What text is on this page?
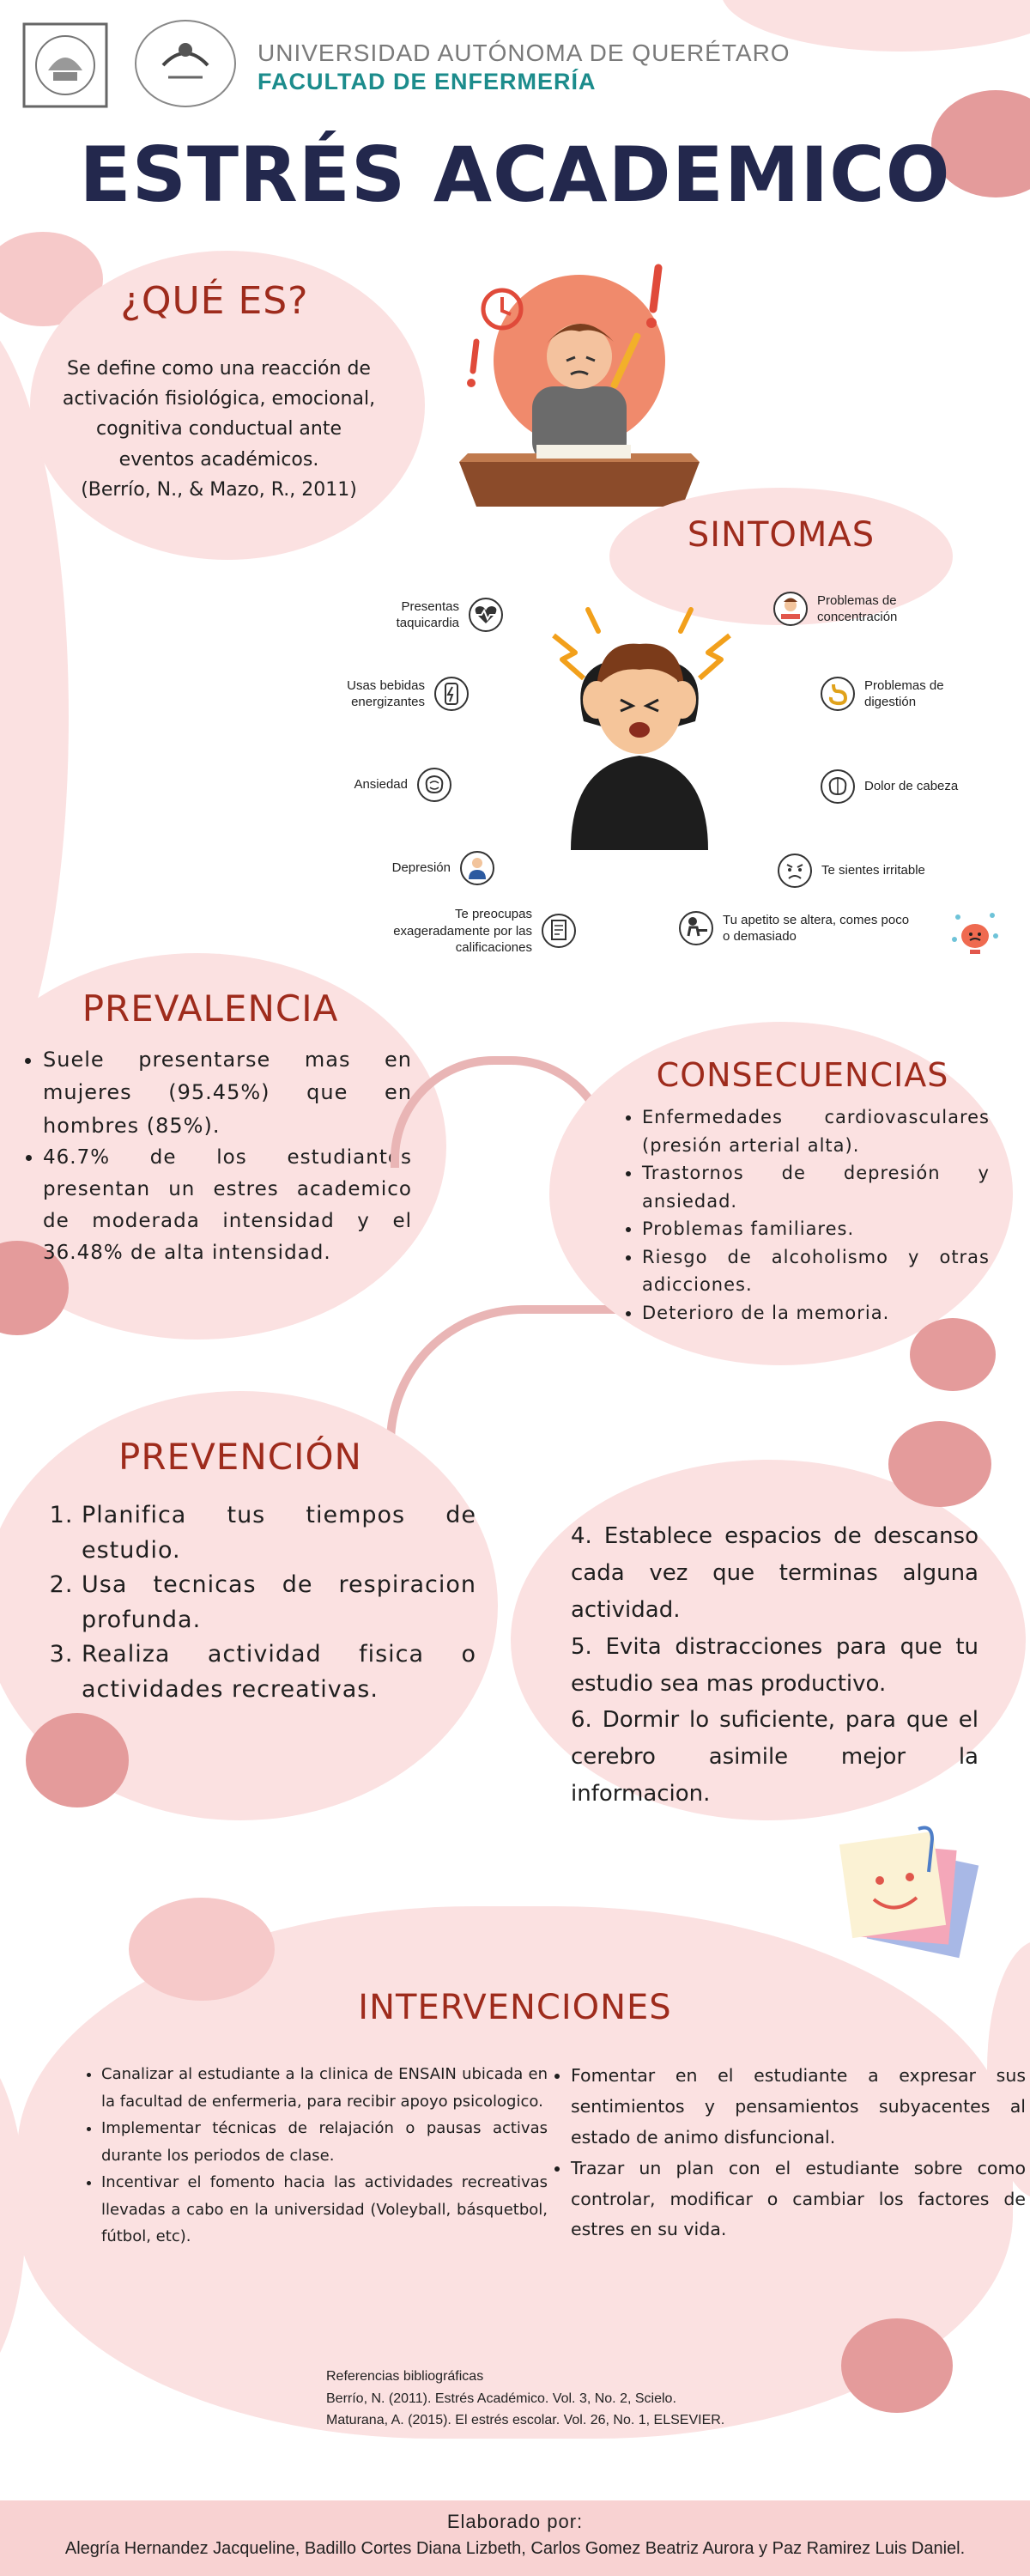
UNIVERSIDAD AUTÓNOMA DE QUERÉTARO
FACULTAD DE ENFERMERÍA
ESTRÉS ACADEMICO
¿QUÉ ES?
Se define como una reacción de
activación fisiológica, emocional,
cognitiva conductual ante
eventos académicos.
(Berrío, N., & Mazo, R., 2011)
SINTOMAS
Presentas taquicardia
Usas bebidas energizantes
Ansiedad
Depresión
Te preocupas exageradamente por las calificaciones
Tu apetito se altera, comes poco o demasiado
Problemas de concentración
Problemas de digestión
Dolor de cabeza
Te sientes irritable
PREVALENCIA
• Suele presentarse mas en mujeres (95.45%) que en hombres (85%).
• 46.7% de los estudiantes presentan un estres academico de moderada intensidad y el 36.48% de alta intensidad.
CONSECUENCIAS
• Enfermedades cardiovasculares (presión arterial alta).
• Trastornos de depresión y ansiedad.
• Problemas familiares.
• Riesgo de alcoholismo y otras adicciones.
• Deterioro de la memoria.
PREVENCIÓN
1. Planifica tus tiempos de estudio.
2. Usa tecnicas de respiracion profunda.
3. Realiza actividad fisica o actividades recreativas.
4. Establece espacios de descanso cada vez que terminas alguna actividad.
5. Evita distracciones para que tu estudio sea mas productivo.
6. Dormir lo suficiente, para que el cerebro asimile mejor la informacion.
INTERVENCIONES
• Canalizar al estudiante a la clinica de ENSAIN ubicada en la facultad de enfermeria, para recibir apoyo psicologico.
• Implementar técnicas de relajación o pausas activas durante los periodos de clase.
• Incentivar el fomento hacia las actividades recreativas llevadas a cabo en la universidad (Voleyball, básquetbol, fútbol, etc).
• Fomentar en el estudiante a expresar sus sentimientos y pensamientos subyacentes al estado de animo disfuncional.
• Trazar un plan con el estudiante sobre como controlar, modificar o cambiar los factores de estres en su vida.
Referencias bibliográficas
Berrío, N. (2011). Estrés Académico. Vol. 3, No. 2, Scielo.
Maturana, A. (2015). El estrés escolar. Vol. 26, No. 1, ELSEVIER.
Elaborado por:
Alegría Hernandez Jacqueline, Badillo Cortes Diana Lizbeth, Carlos Gomez Beatriz Aurora y Paz Ramirez Luis Daniel.
